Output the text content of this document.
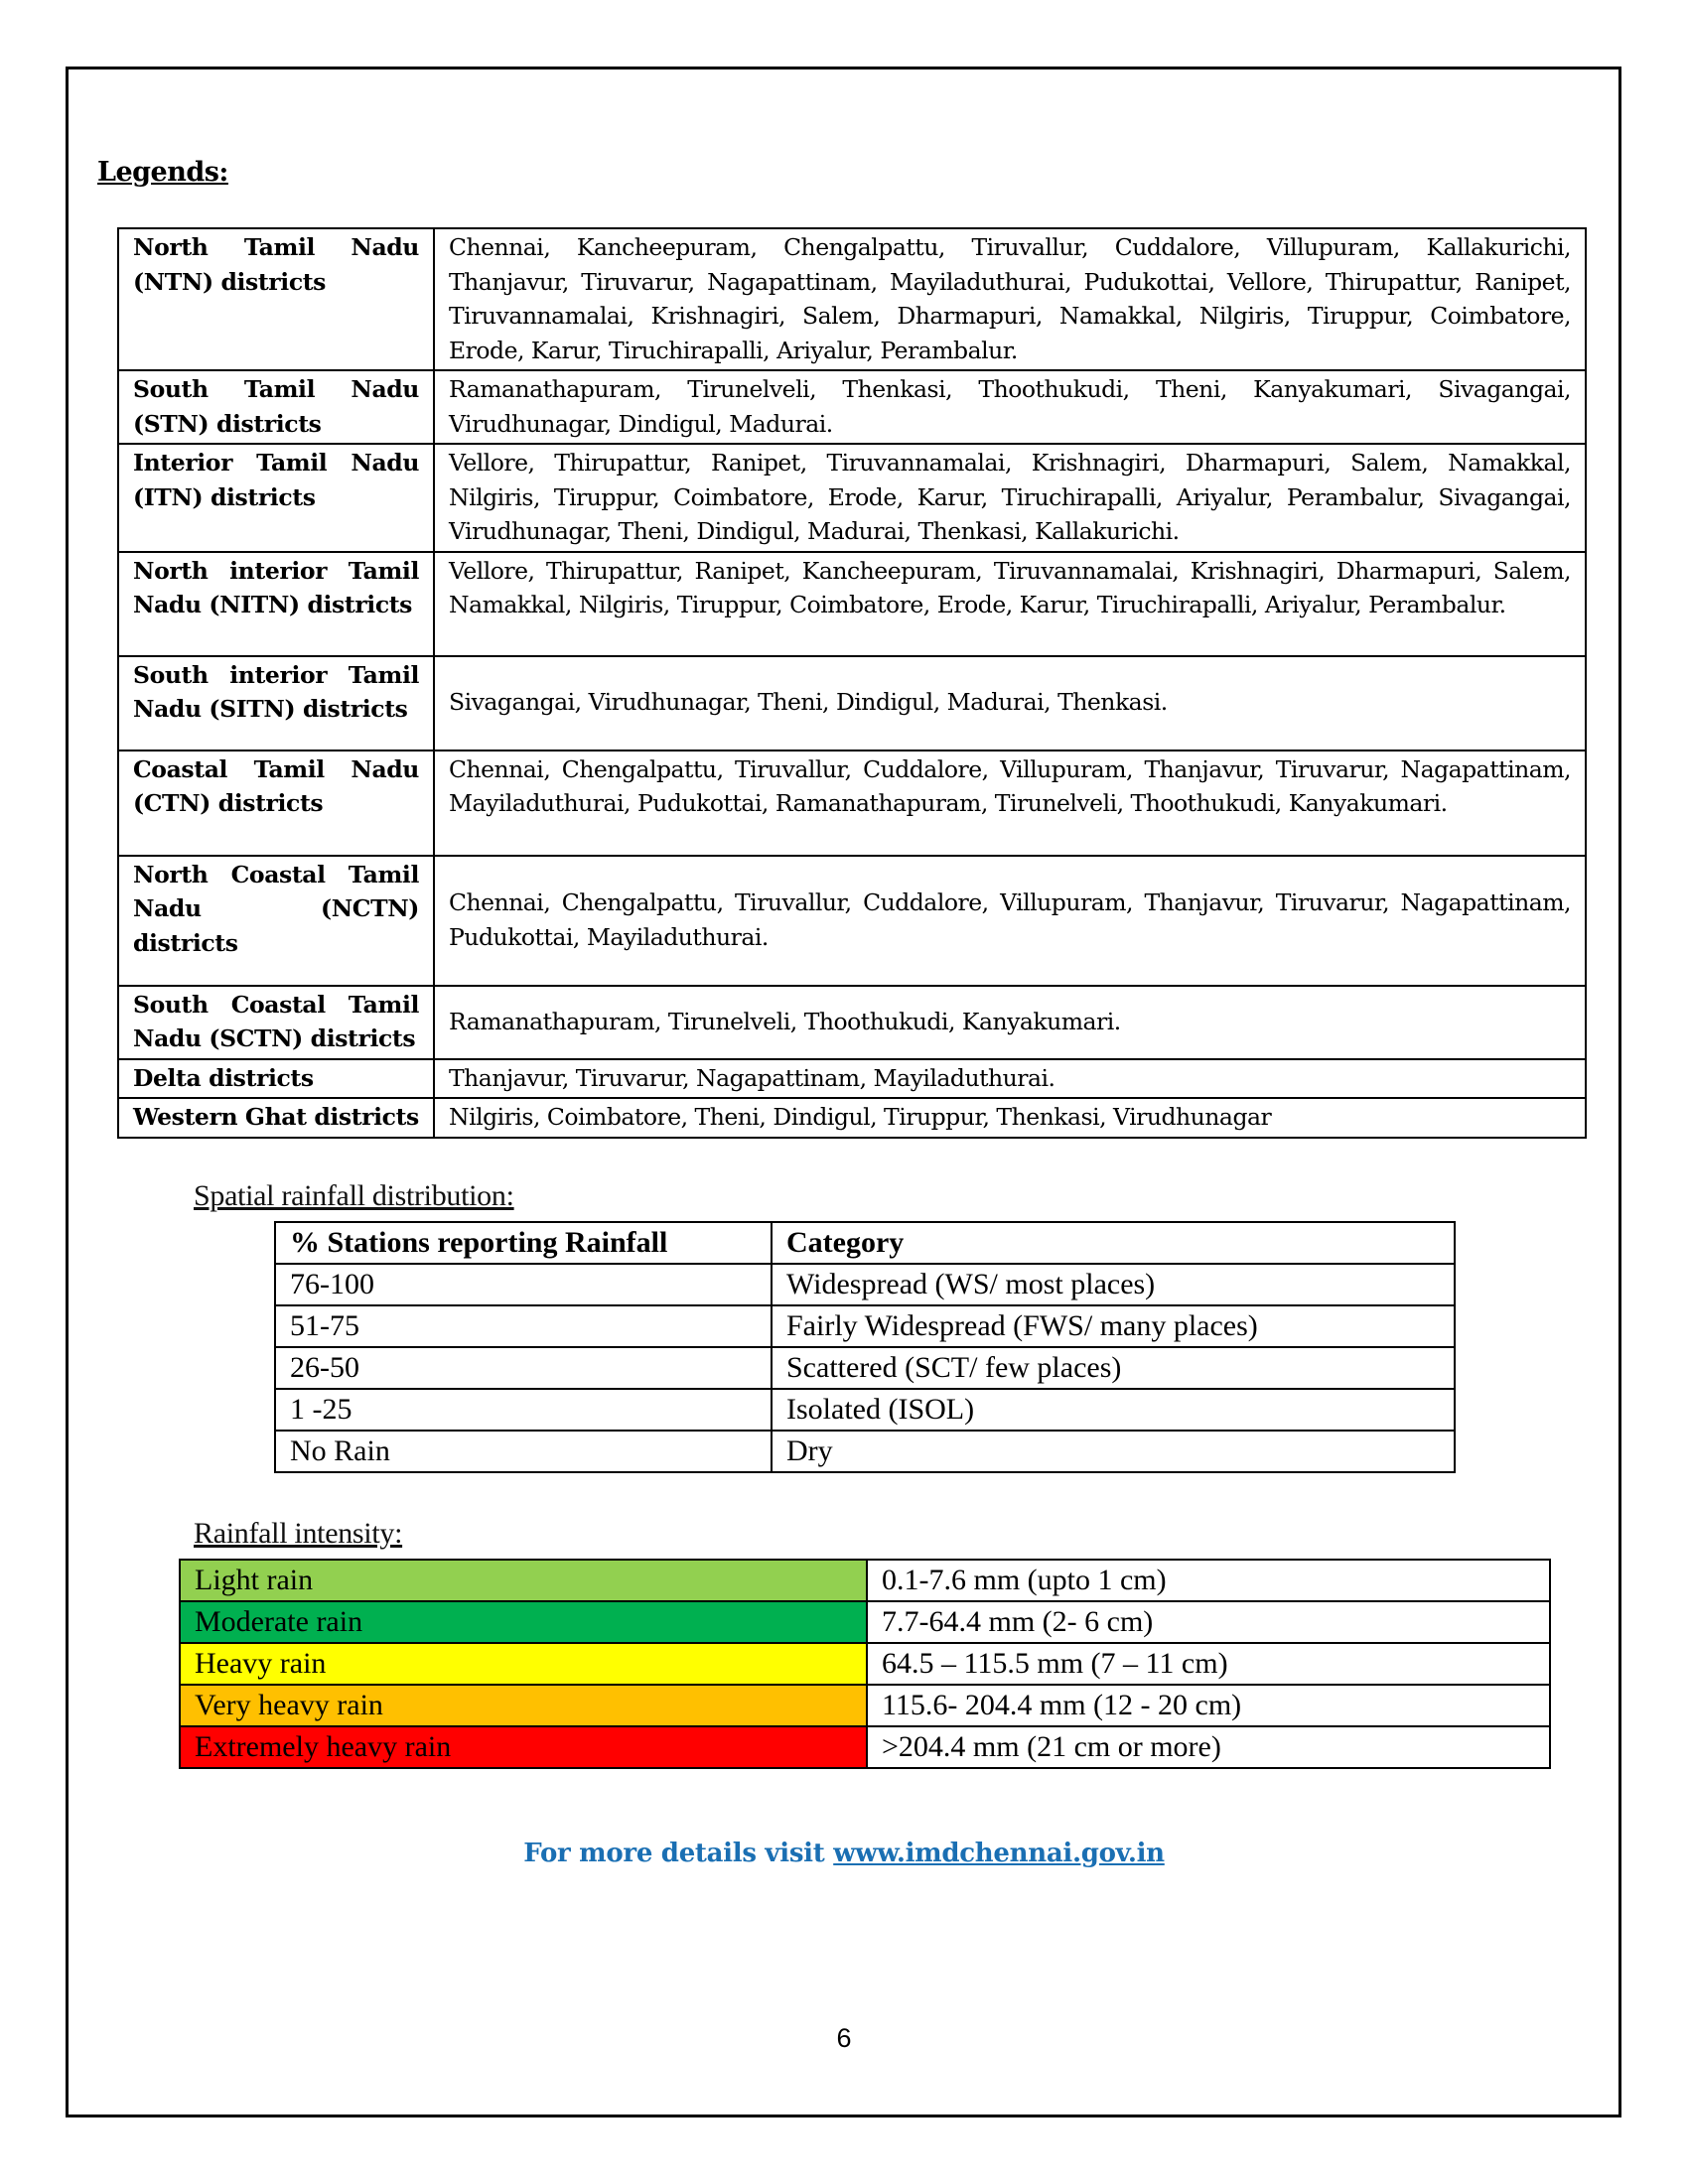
Legends:
North Tamil Nadu (NTN) districts	Chennai, Kancheepuram, Chengalpattu, Tiruvallur, Cuddalore, Villupuram, Kallakurichi, Thanjavur, Tiruvarur, Nagapattinam, Mayiladuthurai, Pudukottai, Vellore, Thirupattur, Ranipet, Tiruvannamalai, Krishnagiri, Salem, Dharmapuri, Namakkal, Nilgiris, Tiruppur, Coimbatore, Erode, Karur, Tiruchirapalli, Ariyalur, Perambalur.
South Tamil Nadu (STN) districts	Ramanathapuram, Tirunelveli, Thenkasi, Thoothukudi, Theni, Kanyakumari, Sivagangai, Virudhunagar, Dindigul, Madurai.
Interior Tamil Nadu (ITN) districts	Vellore, Thirupattur, Ranipet, Tiruvannamalai, Krishnagiri, Dharmapuri, Salem, Namakkal, Nilgiris, Tiruppur, Coimbatore, Erode, Karur, Tiruchirapalli, Ariyalur, Perambalur, Sivagangai, Virudhunagar, Theni, Dindigul, Madurai, Thenkasi, Kallakurichi.
North interior Tamil Nadu (NITN) districts	Vellore, Thirupattur, Ranipet, Kancheepuram, Tiruvannamalai, Krishnagiri, Dharmapuri, Salem, Namakkal, Nilgiris, Tiruppur, Coimbatore, Erode, Karur, Tiruchirapalli, Ariyalur, Perambalur.
South interior Tamil Nadu (SITN) districts	Sivagangai, Virudhunagar, Theni, Dindigul, Madurai, Thenkasi.
Coastal Tamil Nadu (CTN) districts	Chennai, Chengalpattu, Tiruvallur, Cuddalore, Villupuram, Thanjavur, Tiruvarur, Nagapattinam, Mayiladuthurai, Pudukottai, Ramanathapuram, Tirunelveli, Thoothukudi, Kanyakumari.
North Coastal Tamil Nadu (NCTN) districts	Chennai, Chengalpattu, Tiruvallur, Cuddalore, Villupuram, Thanjavur, Tiruvarur, Nagapattinam, Pudukottai, Mayiladuthurai.
South Coastal Tamil Nadu (SCTN) districts	Ramanathapuram, Tirunelveli, Thoothukudi, Kanyakumari.
Delta districts	Thanjavur, Tiruvarur, Nagapattinam, Mayiladuthurai.
Western Ghat districts	Nilgiris, Coimbatore, Theni, Dindigul, Tiruppur, Thenkasi, Virudhunagar
Spatial rainfall distribution:
% Stations reporting Rainfall	Category
76-100	Widespread (WS/ most places)
51-75	Fairly Widespread (FWS/ many places)
26-50	Scattered (SCT/ few places)
1 -25	Isolated (ISOL)
No Rain	Dry
Rainfall intensity:
Light rain	0.1-7.6 mm (upto 1 cm)
Moderate rain	7.7-64.4 mm (2- 6 cm)
Heavy rain	64.5 – 115.5 mm (7 – 11 cm)
Very heavy rain	115.6- 204.4 mm (12 - 20 cm)
Extremely heavy rain	>204.4 mm (21 cm or more)
For more details visit www.imdchennai.gov.in
6
